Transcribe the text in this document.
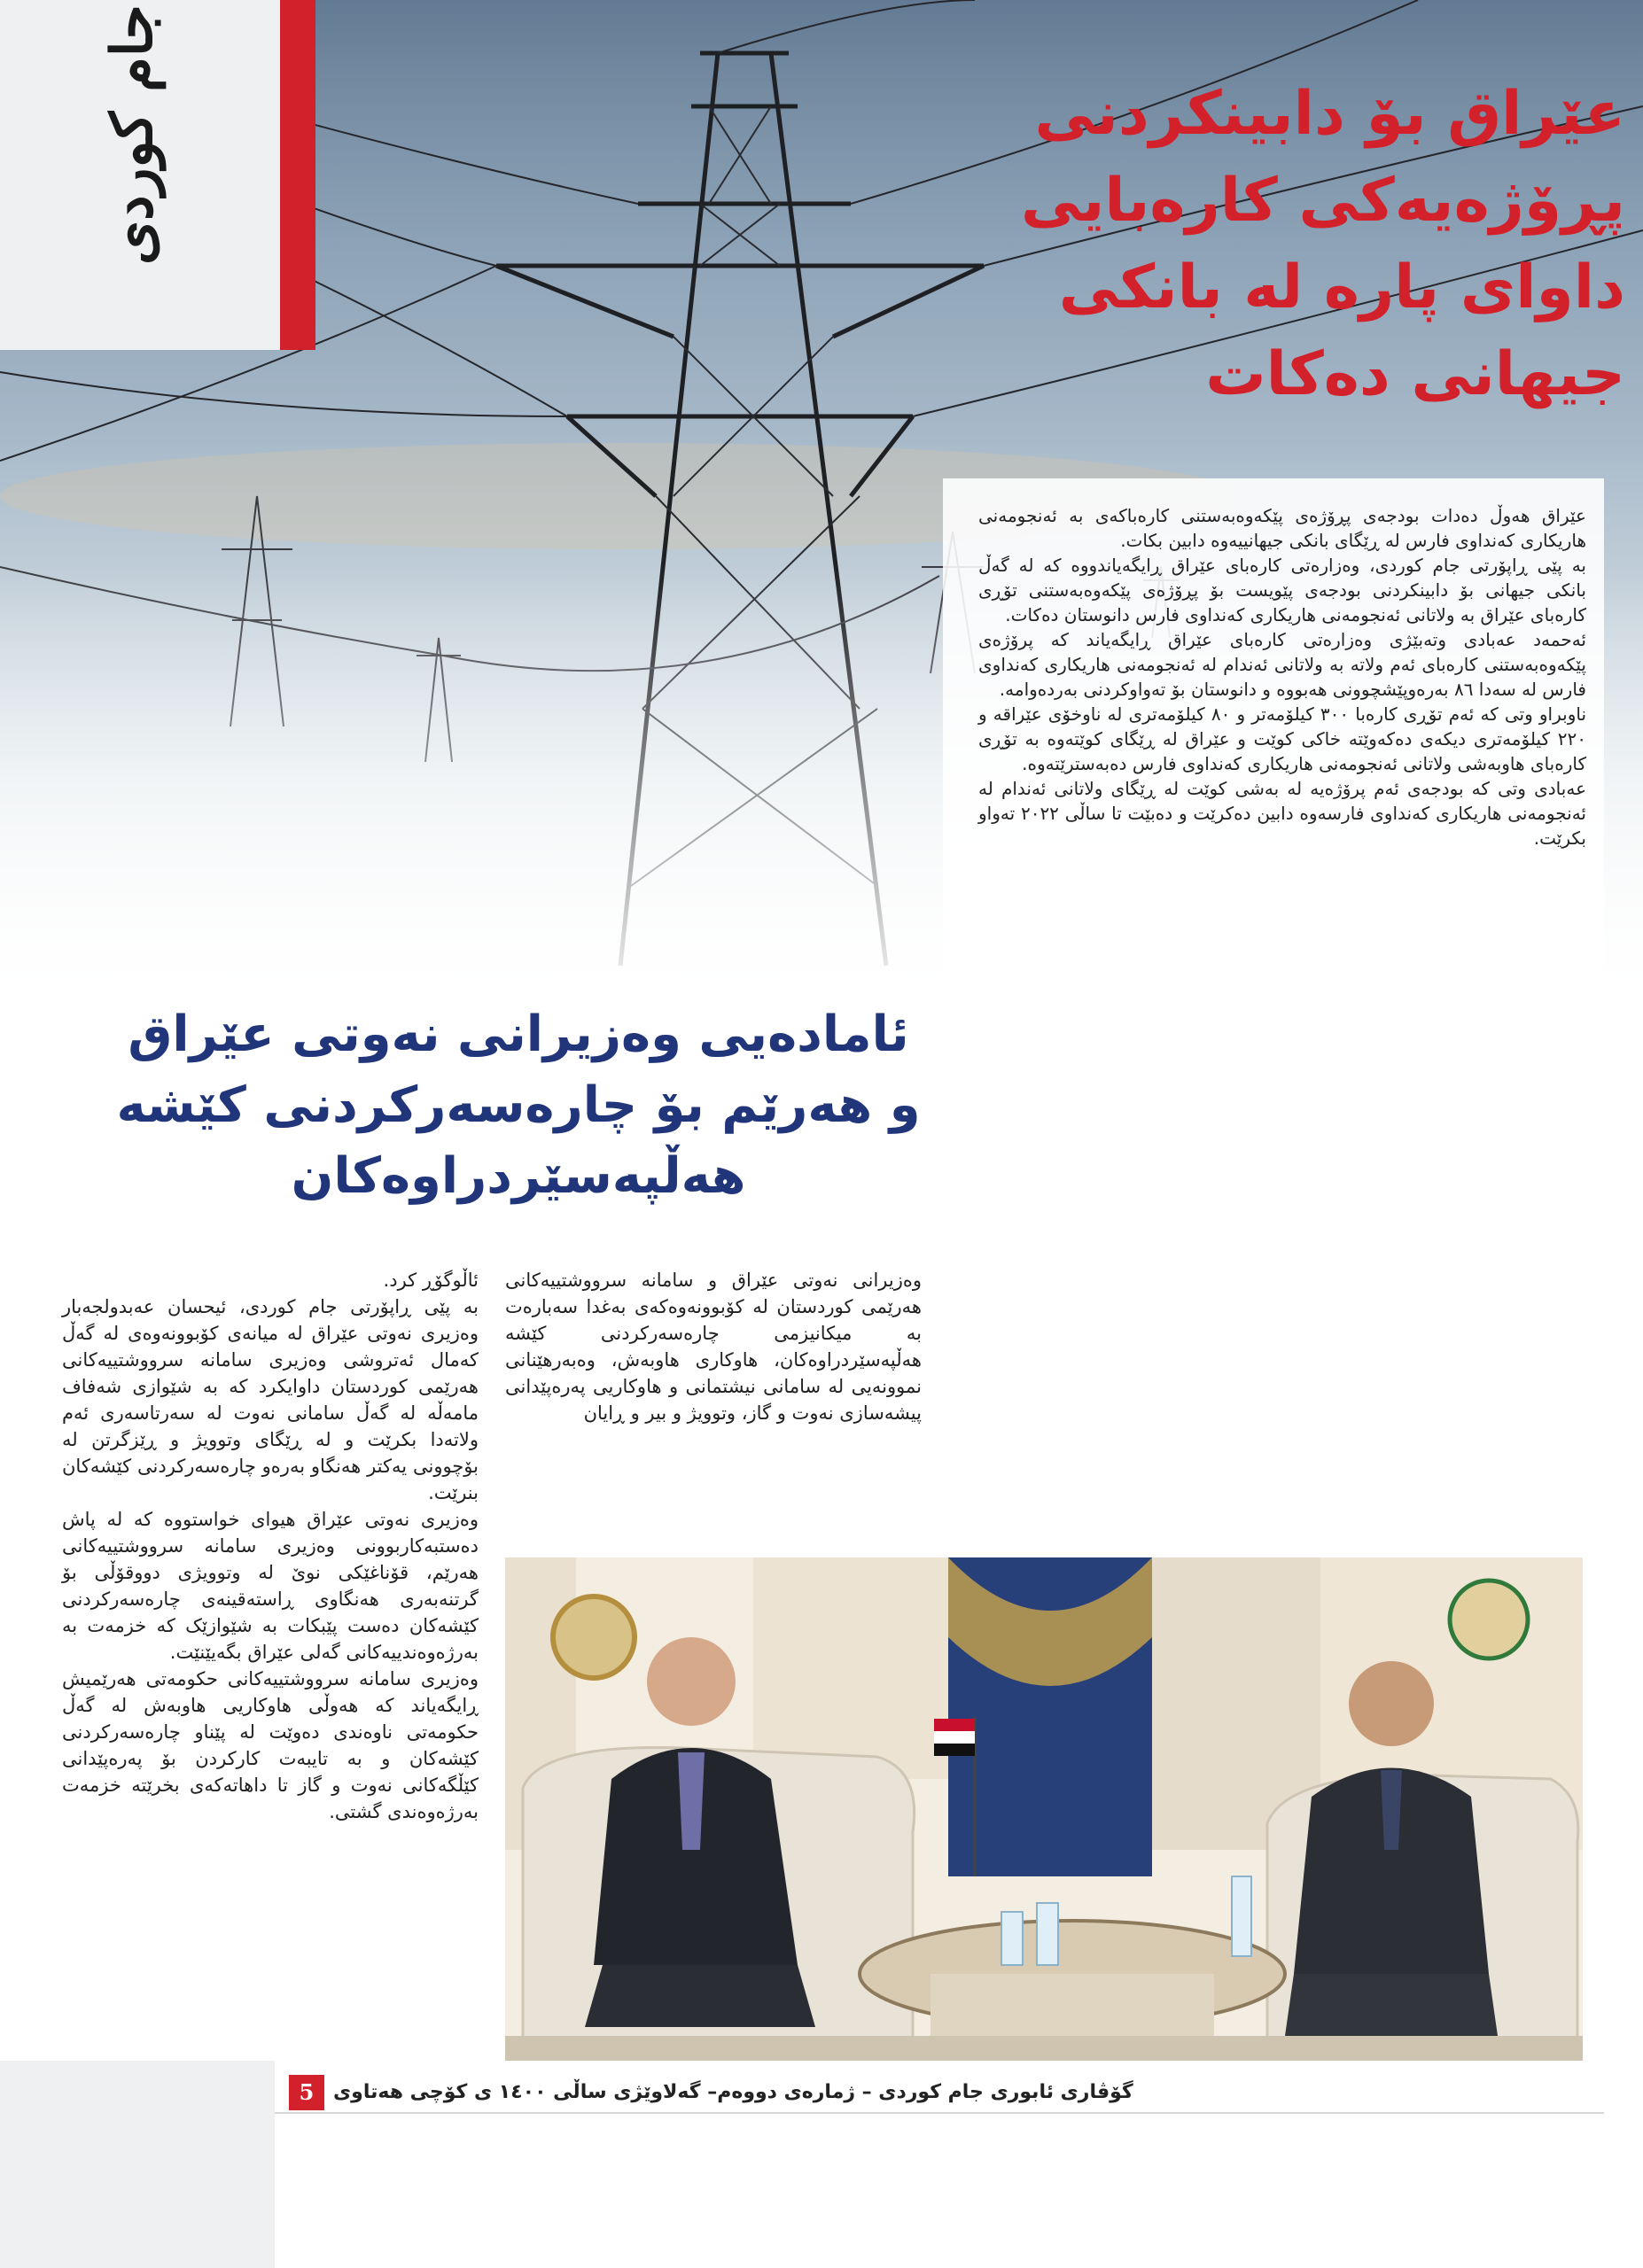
جام کوردی	عێراق بۆ دابینکردنی
پڕۆژەیەکی کارەبایی
داوای پارە لە بانکی
جیهانی دەکات

عێراق هەوڵ دەدات بودجەی پڕۆژەی پێکەوەبەستنی کارەباکەی بە ئەنجومەنی هاریکاری کەنداوی فارس لە ڕێگای بانکی جیهانییەوە دابین بکات.

بە پێی ڕاپۆرتی جام کوردی، وەزارەتی کارەبای عێراق ڕایگەیاندووە کە لە گەڵ بانکی جیهانی بۆ دابینکردنی بودجەی پێویست بۆ پڕۆژەی پێکەوەبەستنی تۆڕی کارەبای عێراق بە ولاتانی ئەنجومەنی هاریکاری کەنداوی فارس دانوستان دەکات.

ئەحمەد عەبادی وتەبێژی وەزارەتی کارەبای عێراق ڕایگەیاند کە پرۆژەی پێکەوەبەستنی کارەبای ئەم ولاتە بە ولاتانی ئەندام لە ئەنجومەنی هاریکاری کەنداوی فارس لە سەدا ٨٦ بەرەوپێشچوونی هەبووە و دانوستان بۆ تەواوکردنی بەردەوامە.

ناوبراو وتی کە ئەم تۆڕی کارەبا ٣٠٠ کیلۆمەتر و ٨٠ کیلۆمەتری لە ناوخۆی عێراقە و ٢٢٠ کیلۆمەتری دیکەی دەکەوێتە خاکی کوێت و عێراق لە ڕێگای کوێتەوە بە تۆڕی کارەبای هاوبەشی ولاتانی ئەنجومەنی هاریکاری کەنداوی فارس دەبەسترێتەوە.

عەبادی وتی کە بودجەی ئەم پرۆژەیە لە بەشی کوێت لە ڕێگای ولاتانی ئەندام لە ئەنجومەنی هاریکاری کەنداوی فارسەوە دابین دەکرێت و دەبێت تا ساڵی ٢٠٢٢ تەواو بکرێت.

ئامادەیی وەزیرانی نەوتی عێراق
و هەرێم بۆ چارەسەرکردنی کێشە
هەڵپەسێردراوەکان

وەزیرانی نەوتی عێراق و سامانە سرووشتییەکانی هەرێمی کوردستان لە کۆبوونەوەکەی بەغدا سەبارەت بە میکانیزمی چارەسەرکردنی کێشە هەڵپەسێردراوەکان، هاوکاری هاوبەش، وەبەرهێنانی نموونەیی لە سامانی نیشتمانی و هاوکاریی پەرەپێدانی پیشەسازی نەوت و گاز، وتوویژ و بیر و ڕایان

ئاڵوگۆڕ کرد.

بە پێی ڕاپۆرتی جام کوردی، ئیحسان عەبدولجەبار وەزیری نەوتی عێراق لە میانەی کۆبوونەوەی لە گەڵ کەمال ئەتروشی وەزیری سامانە سرووشتییەکانی هەرێمی کوردستان داوایکرد کە بە شێوازی شەفاف مامەڵە لە گەڵ سامانی نەوت لە سەرتاسەری ئەم ولاتەدا بکرێت و لە ڕێگای وتوویژ و ڕێزگرتن لە بۆچوونی یەکتر هەنگاو بەرەو چارەسەرکردنی کێشەکان بنرێت.

وەزیری نەوتی عێراق هیوای خواستووە کە لە پاش دەستبەکاربوونی وەزیری سامانە سرووشتییەکانی هەرێم، قۆناغێکی نوێ لە وتوویژی دووقۆڵی بۆ گرتنەبەری هەنگاوی ڕاستەقینەی چارەسەرکردنی کێشەکان دەست پێبکات بە شێوازێک کە خزمەت بە بەرژەوەندییەکانی گەلی عێراق بگەیێنێت.

وەزیری سامانە سرووشتییەکانی حکومەتی هەرێمیش ڕایگەیاند کە هەوڵی هاوکاریی هاوبەش لە گەڵ حکومەتی ناوەندی دەوێت لە پێناو چارەسەرکردنی کێشەکان و بە تایبەت کارکردن بۆ پەرەپێدانی کێڵگەکانی نەوت و گاز تا داهاتەکەی بخرێتە خزمەت بەرژەوەندی گشتی.

5 گۆڤاری ئابوری جام کوردی – ژمارەی دووەم– گەلاوێژی ساڵی ١٤٠٠ ی کۆچی هەتاوی
